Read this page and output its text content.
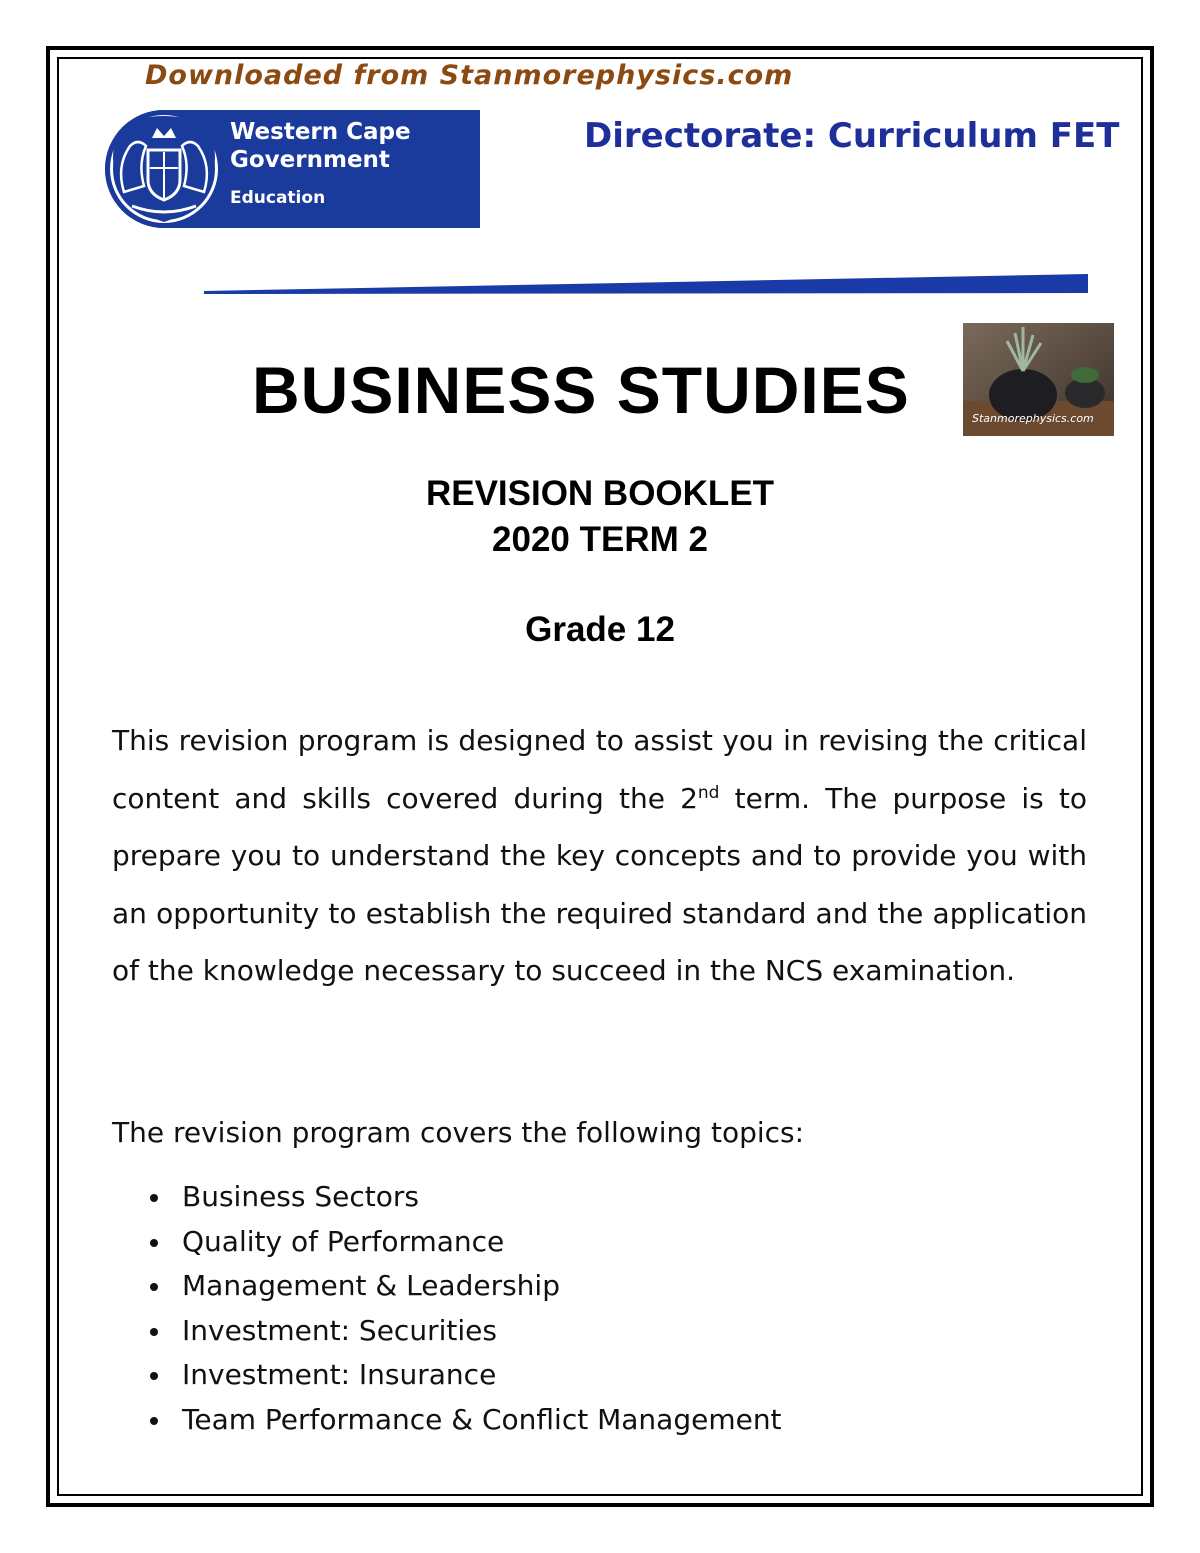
Downloaded from Stanmorephysics.com
Western Cape
Government
Education
Directorate: Curriculum FET
BUSINESS STUDIES	Stanmorephysics.com
REVISION BOOKLET
2020 TERM 2
Grade 12

This revision program is designed to assist you in revising the critical content and skills covered during the 2nd term. The purpose is to prepare you to understand the key concepts and to provide you with an opportunity to establish the required standard and the application of the knowledge necessary to succeed in the NCS examination.

The revision program covers the following topics:

Business Sectors
Quality of Performance
Management & Leadership
Investment: Securities
Investment: Insurance
Team Performance & Conflict Management
